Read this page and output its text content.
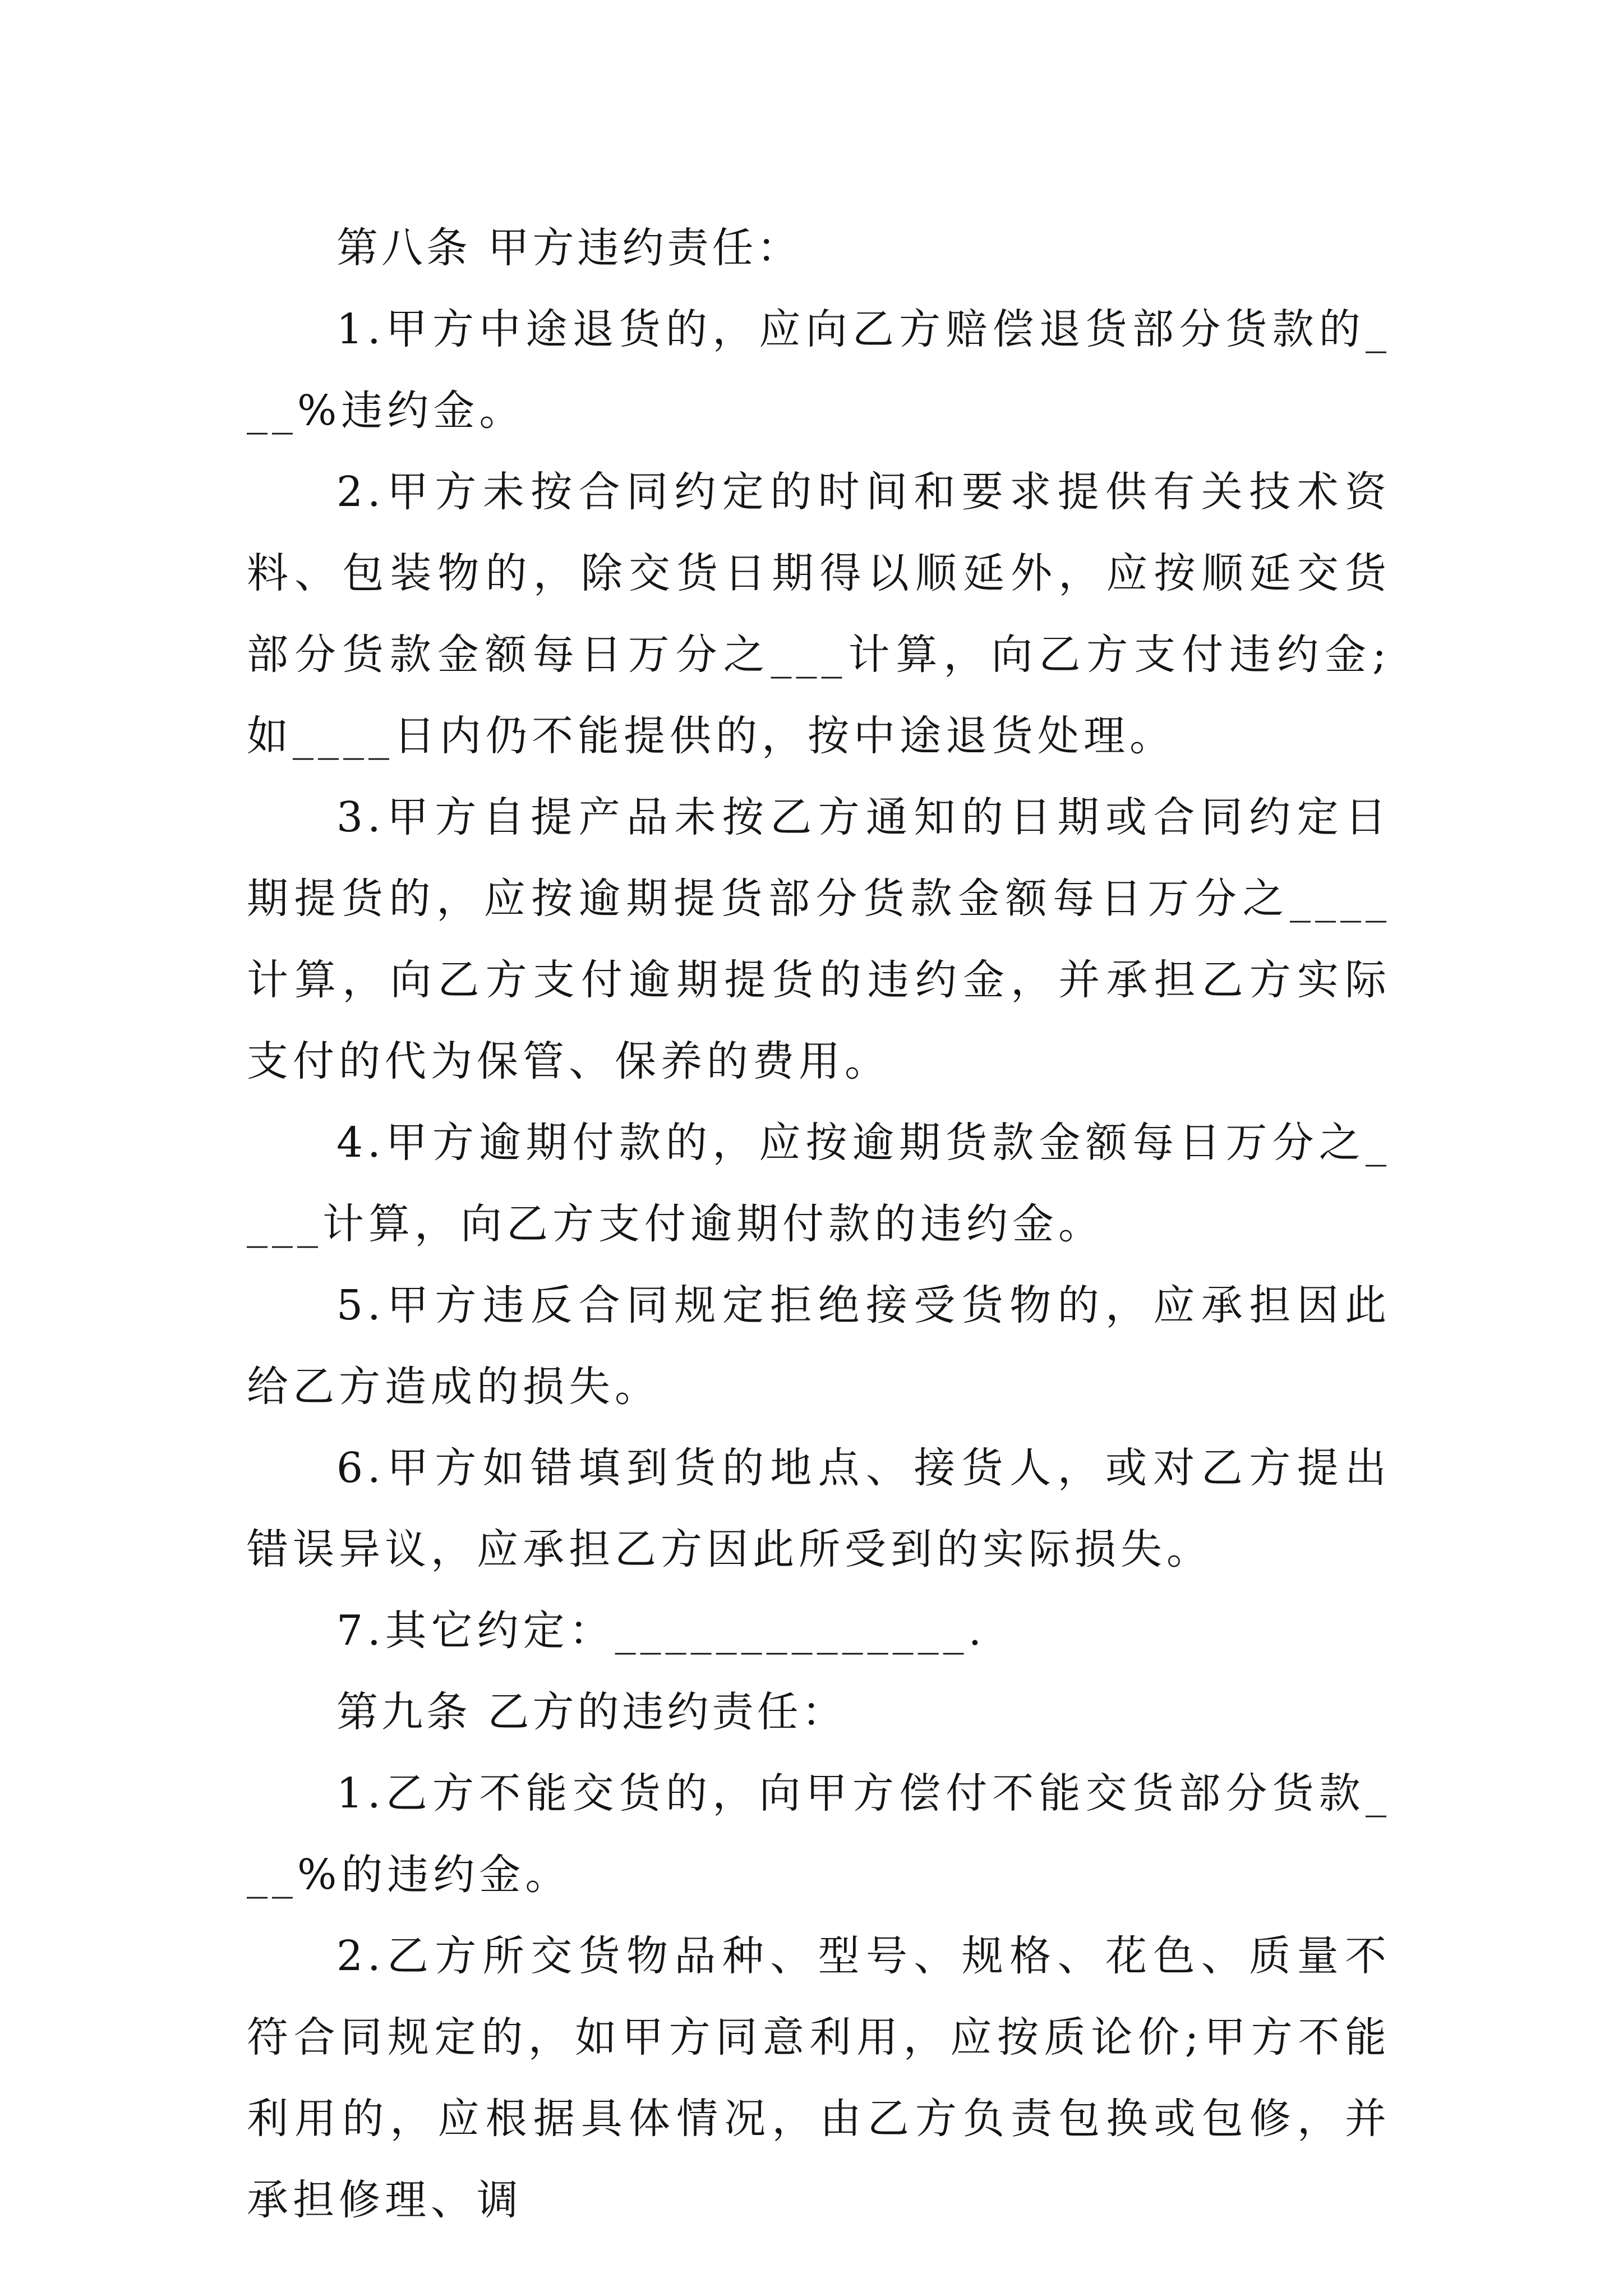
第八条 甲方违约责任：

1.甲方中途退货的，应向乙方赔偿退货部分货款的___%违约金。

2.甲方未按合同约定的时间和要求提供有关技术资料、包装物的，除交货日期得以顺延外，应按顺延交货部分货款金额每日万分之___计算，向乙方支付违约金;如____日内仍不能提供的，按中途退货处理。

3.甲方自提产品未按乙方通知的日期或合同约定日期提货的，应按逾期提货部分货款金额每日万分之____计算，向乙方支付逾期提货的违约金，并承担乙方实际支付的代为保管、保养的费用。

4.甲方逾期付款的，应按逾期货款金额每日万分之____计算，向乙方支付逾期付款的违约金。

5.甲方违反合同规定拒绝接受货物的，应承担因此给乙方造成的损失。

6.甲方如错填到货的地点、接货人，或对乙方提出错误异议，应承担乙方因此所受到的实际损失。

7.其它约定：______________.

第九条 乙方的违约责任：

1.乙方不能交货的，向甲方偿付不能交货部分货款___%的违约金。

2.乙方所交货物品种、型号、规格、花色、质量不符合同规定的，如甲方同意利用，应按质论价;甲方不能利用的，应根据具体情况，由乙方负责包换或包修，并承担修理、调
